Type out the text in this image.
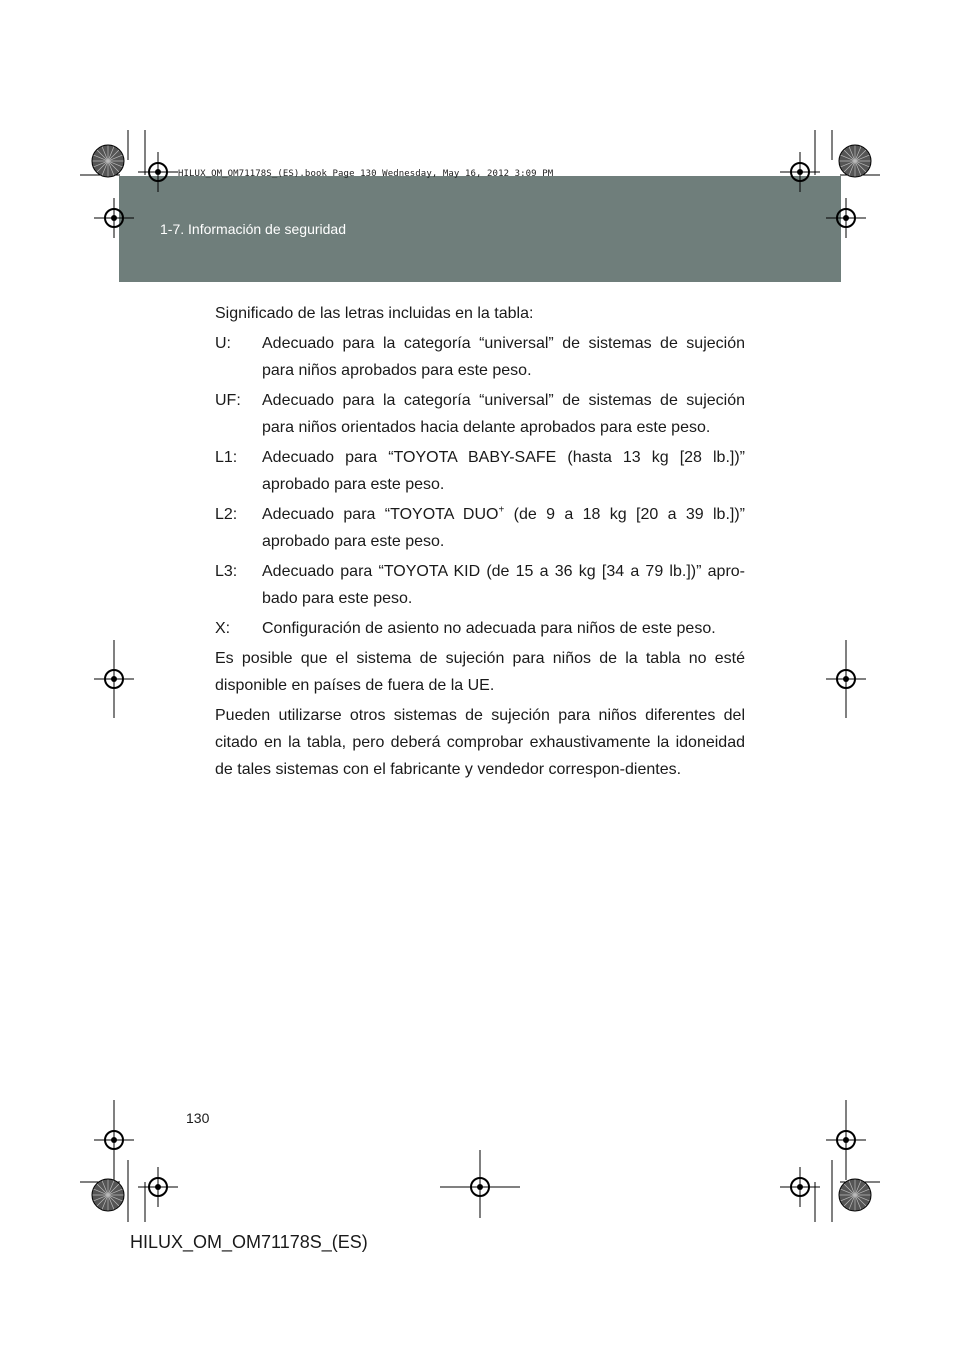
HILUX_OM_OM71178S_(ES).book Page 130 Wednesday, May 16, 2012 3:09 PM
1-7. Información de seguridad

Significado de las letras incluidas en la tabla:

U: Adecuado para la categoría “universal” de sistemas de sujeción para niños aprobados para este peso.

UF: Adecuado para la categoría “universal” de sistemas de sujeción para niños orientados hacia delante aprobados para este peso.

L1: Adecuado para “TOYOTA BABY-SAFE (hasta 13 kg [28 lb.])” aprobado para este peso.

L2: Adecuado para “TOYOTA DUO+ (de 9 a 18 kg [20 a 39 lb.])” aprobado para este peso.

L3: Adecuado para “TOYOTA KID (de 15 a 36 kg [34 a 79 lb.])” apro-bado para este peso.

X: Configuración de asiento no adecuada para niños de este peso.

Es posible que el sistema de sujeción para niños de la tabla no esté disponible en países de fuera de la UE.

Pueden utilizarse otros sistemas de sujeción para niños diferentes del citado en la tabla, pero deberá comprobar exhaustivamente la idoneidad de tales sistemas con el fabricante y vendedor correspon-dientes.

130
HILUX_OM_OM71178S_(ES)
